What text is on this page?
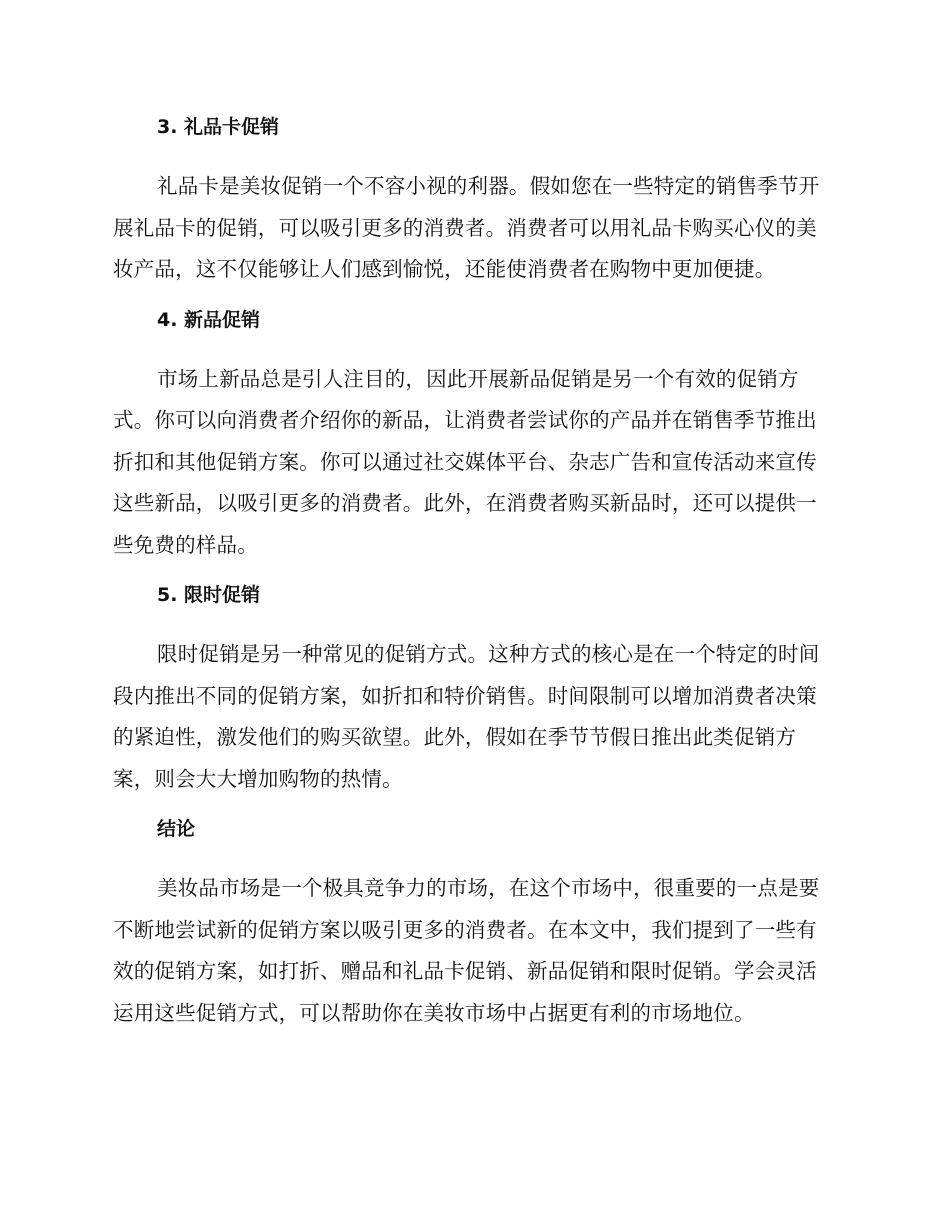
3. 礼品卡促销

礼品卡是美妆促销一个不容小视的利器。假如您在一些特定的销售季节开展礼品卡的促销，可以吸引更多的消费者。消费者可以用礼品卡购买心仪的美妆产品，这不仅能够让人们感到愉悦，还能使消费者在购物中更加便捷。

4. 新品促销

市场上新品总是引人注目的，因此开展新品促销是另一个有效的促销方式。你可以向消费者介绍你的新品，让消费者尝试你的产品并在销售季节推出折扣和其他促销方案。你可以通过社交媒体平台、杂志广告和宣传活动来宣传这些新品，以吸引更多的消费者。此外，在消费者购买新品时，还可以提供一些免费的样品。

5. 限时促销

限时促销是另一种常见的促销方式。这种方式的核心是在一个特定的时间段内推出不同的促销方案，如折扣和特价销售。时间限制可以增加消费者决策的紧迫性，激发他们的购买欲望。此外，假如在季节节假日推出此类促销方案，则会大大增加购物的热情。

结论

美妆品市场是一个极具竞争力的市场，在这个市场中，很重要的一点是要不断地尝试新的促销方案以吸引更多的消费者。在本文中，我们提到了一些有效的促销方案，如打折、赠品和礼品卡促销、新品促销和限时促销。学会灵活运用这些促销方式，可以帮助你在美妆市场中占据更有利的市场地位。
